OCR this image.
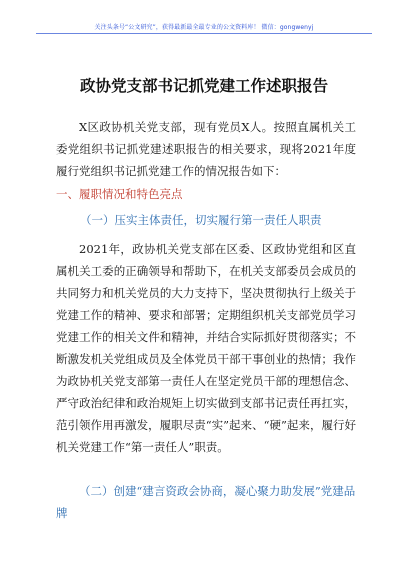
关注头条号“公文研究”，获得最新最全最专业的公文资料库！ 微信：gongwenyj
政协党支部书记抓党建工作述职报告

X区政协机关党支部，现有党员X人。按照直属机关工委党组织书记抓党建述职报告的相关要求，现将2021年度履行党组织书记抓党建工作的情况报告如下：

一、履职情况和特色亮点
（一）压实主体责任，切实履行第一责任人职责

2021年，政协机关党支部在区委、区政协党组和区直属机关工委的正确领导和帮助下，在机关支部委员会成员的共同努力和机关党员的大力支持下，坚决贯彻执行上级关于党建工作的精神、要求和部署；定期组织机关支部党员学习党建工作的相关文件和精神，并结合实际抓好贯彻落实；不断激发机关党组成员及全体党员干部干事创业的热情；我作为政协机关党支部第一责任人在坚定党员干部的理想信念、严守政治纪律和政治规矩上切实做到支部书记责任再扛实，范引领作用再激发，履职尽责“实”起来、“硬”起来，履行好机关党建工作“第一责任人”职责。

（二）创建“建言资政会协商，凝心聚力助发展”党建品牌
